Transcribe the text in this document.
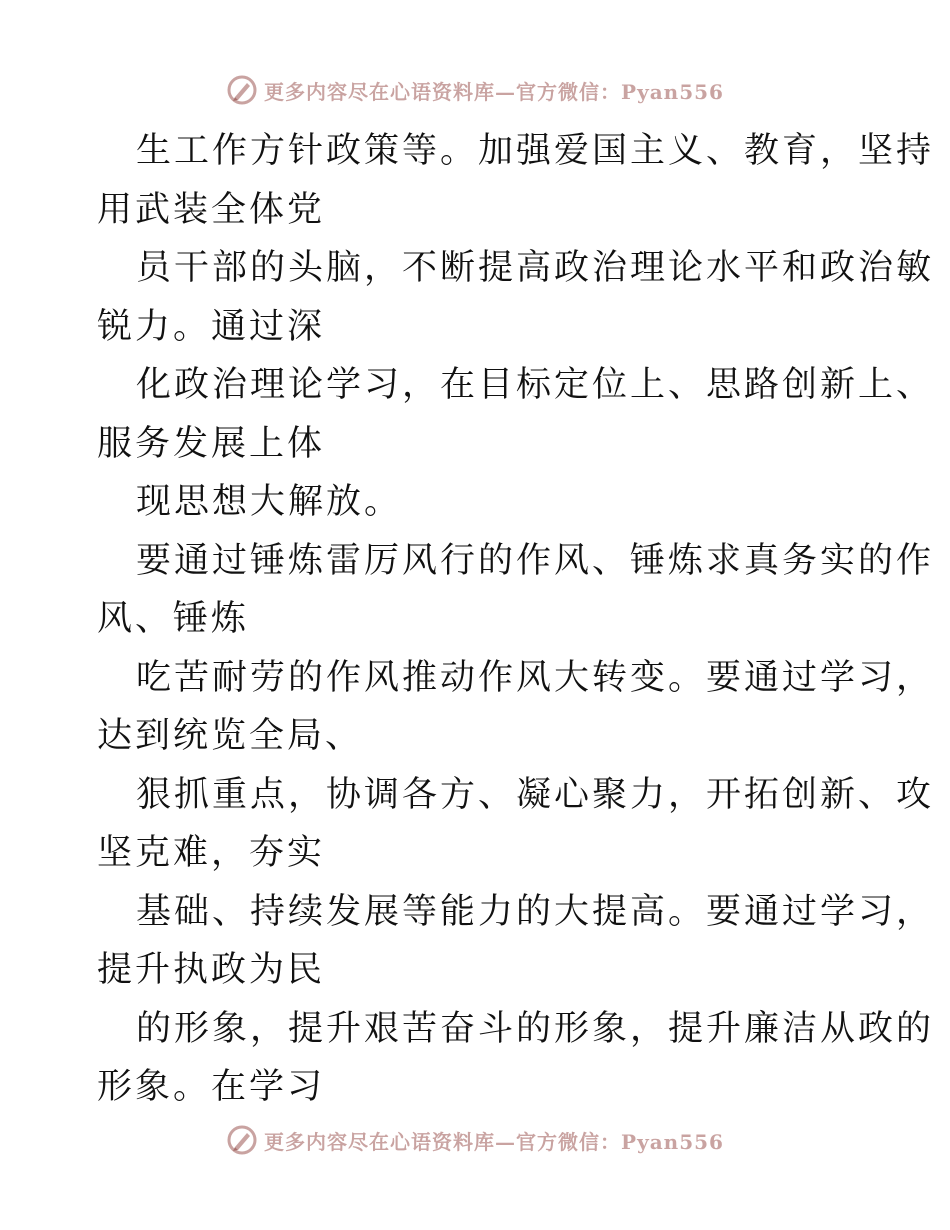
更多内容尽在心语资料库—官方微信：Pyan556
生工作方针政策等。加强爱国主义、教育，坚持
用武装全体党
员干部的头脑，不断提高政治理论水平和政治敏
锐力。通过深
化政治理论学习，在目标定位上、思路创新上、
服务发展上体
现思想大解放。
要通过锤炼雷厉风行的作风、锤炼求真务实的作
风、锤炼
吃苦耐劳的作风推动作风大转变。要通过学习，
达到统览全局、
狠抓重点，协调各方、凝心聚力，开拓创新、攻
坚克难，夯实
基础、持续发展等能力的大提高。要通过学习，
提升执政为民
的形象，提升艰苦奋斗的形象，提升廉洁从政的
形象。在学习
更多内容尽在心语资料库—官方微信：Pyan556
